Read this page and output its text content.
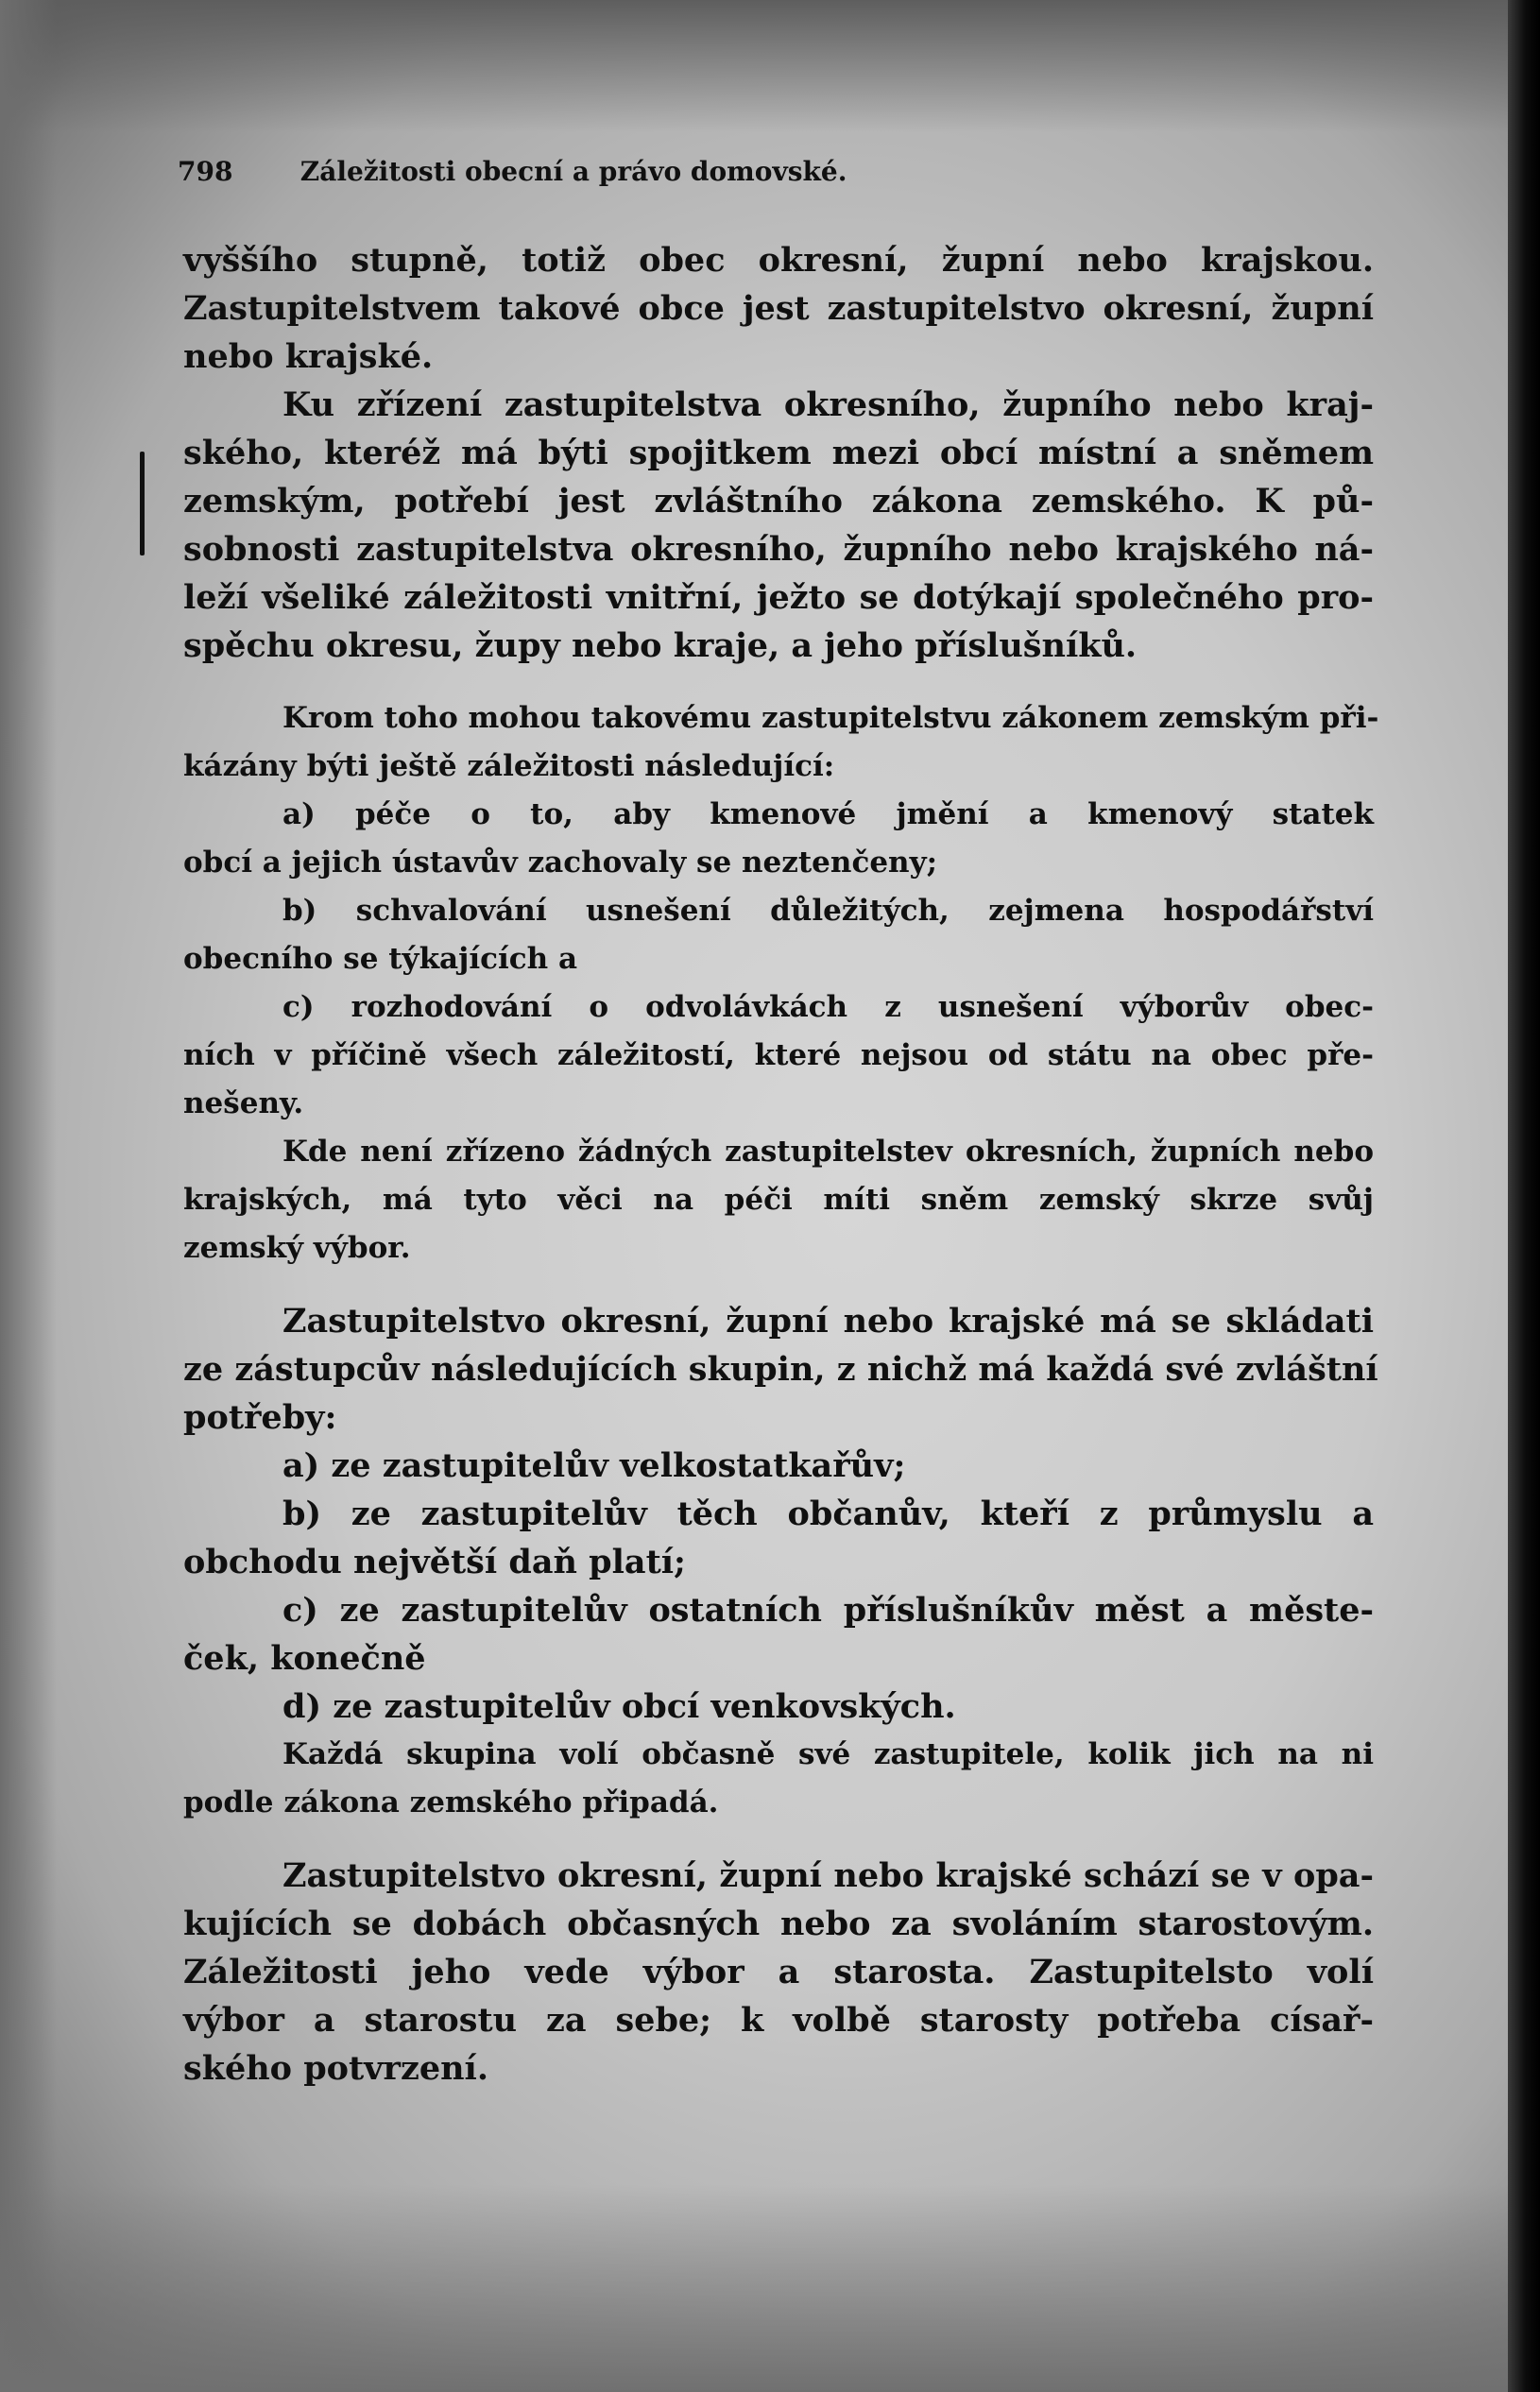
798	Záležitosti obecní a právo domovské.
vyššího stupně, totiž obec okresní, župní nebo krajskou.
Zastupitelstvem takové obce jest zastupitelstvo okresní, župní
nebo krajské.
Ku zřízení zastupitelstva okresního, župního nebo kraj-
ského, kteréž má býti spojitkem mezi obcí místní a sněmem
zemským, potřebí jest zvláštního zákona zemského. K pů-
sobnosti zastupitelstva okresního, župního nebo krajského ná-
leží všeliké záležitosti vnitřní, ježto se dotýkají společného pro-
spěchu okresu, župy nebo kraje, a jeho příslušníků.
Krom toho mohou takovému zastupitelstvu zákonem zemským při-
kázány býti ještě záležitosti následující:
a) péče o to, aby kmenové jmění a kmenový statek
obcí a jejich ústavův zachovaly se neztenčeny;
b) schvalování usnešení důležitých, zejmena hospodářství
obecního se týkajících a
c) rozhodování o odvolávkách z usnešení výborův obec-
ních v příčině všech záležitostí, které nejsou od státu na obec pře-
nešeny.
Kde není zřízeno žádných zastupitelstev okresních, župních nebo
krajských, má tyto věci na péči míti sněm zemský skrze svůj
zemský výbor.
Zastupitelstvo okresní, župní nebo krajské má se skládati
ze zástupcův následujících skupin, z nichž má každá své zvláštní
potřeby:
a) ze zastupitelův velkostatkařův;
b) ze zastupitelův těch občanův, kteří z průmyslu a
obchodu největší daň platí;
c) ze zastupitelův ostatních příslušníkův měst a měste-
ček, konečně
d) ze zastupitelův obcí venkovských.
Každá skupina volí občasně své zastupitele, kolik jich na ni
podle zákona zemského připadá.
Zastupitelstvo okresní, župní nebo krajské schází se v opa-
kujících se dobách občasných nebo za svoláním starostovým.
Záležitosti jeho vede výbor a starosta. Zastupitelsto volí
výbor a starostu za sebe; k volbě starosty potřeba císař-
ského potvrzení.
